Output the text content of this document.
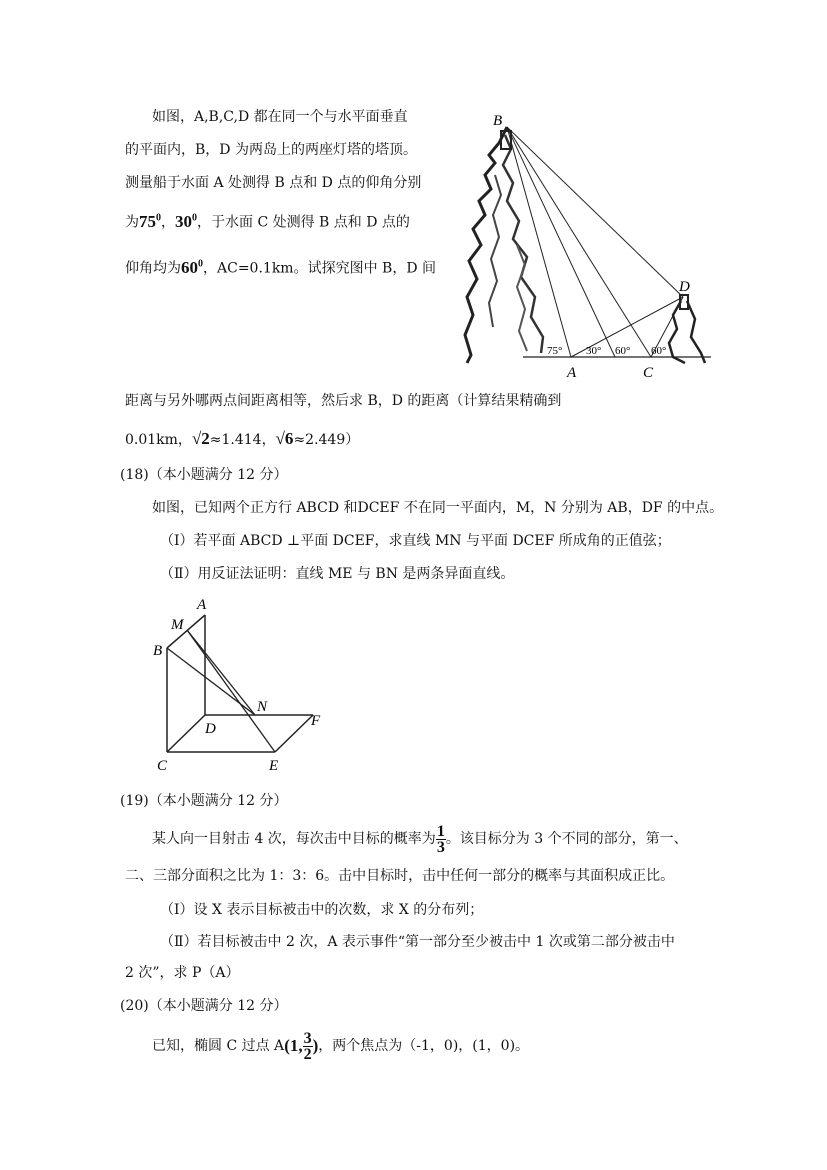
如图，A,B,C,D 都在同一个与水平面垂直
的平面内，B，D 为两岛上的两座灯塔的塔顶。
测量船于水面 A 处测得 B 点和 D 点的仰角分别
为$75^0$，$30^0$，于水面 C 处测得 B 点和 D 点的
仰角均为$60^0$，AC=0.1km。试探究图中 B，D 间
B
D
A	C
75° 30° 60° 60°
距离与另外哪两点间距离相等，然后求 B，D 的距离（计算结果精确到
0.01km，√2≈1.414，√6≈2.449）
(18)（本小题满分 12 分）
如图，已知两个正方行 ABCD 和DCEF 不在同一平面内，M，N 分别为 AB，DF 的中点。
（Ⅰ）若平面 ABCD ⊥平面 DCEF，求直线 MN 与平面 DCEF 所成角的正值弦；
（Ⅱ）用反证法证明：直线 ME 与 BN 是两条异面直线。
A
M
B
N
D	F
C	E
(19)（本小题满分 12 分）
某人向一目射击 4 次，每次击中目标的概率为 $\frac{1}{3}$ 。该目标分为 3 个不同的部分，第一、
二、三部分面积之比为 1：3：6。击中目标时，击中任何一部分的概率与其面积成正比。
（Ⅰ）设 X 表示目标被击中的次数，求 X 的分布列；
（Ⅱ）若目标被击中 2 次，A 表示事件“第一部分至少被击中 1 次或第二部分被击中
2 次”，求 P（A）
(20)（本小题满分 12 分）
已知，椭圆 C 过点 A (1, $\frac{3}{2}$ ) ，两个焦点为（-1，0)，(1，0)。
